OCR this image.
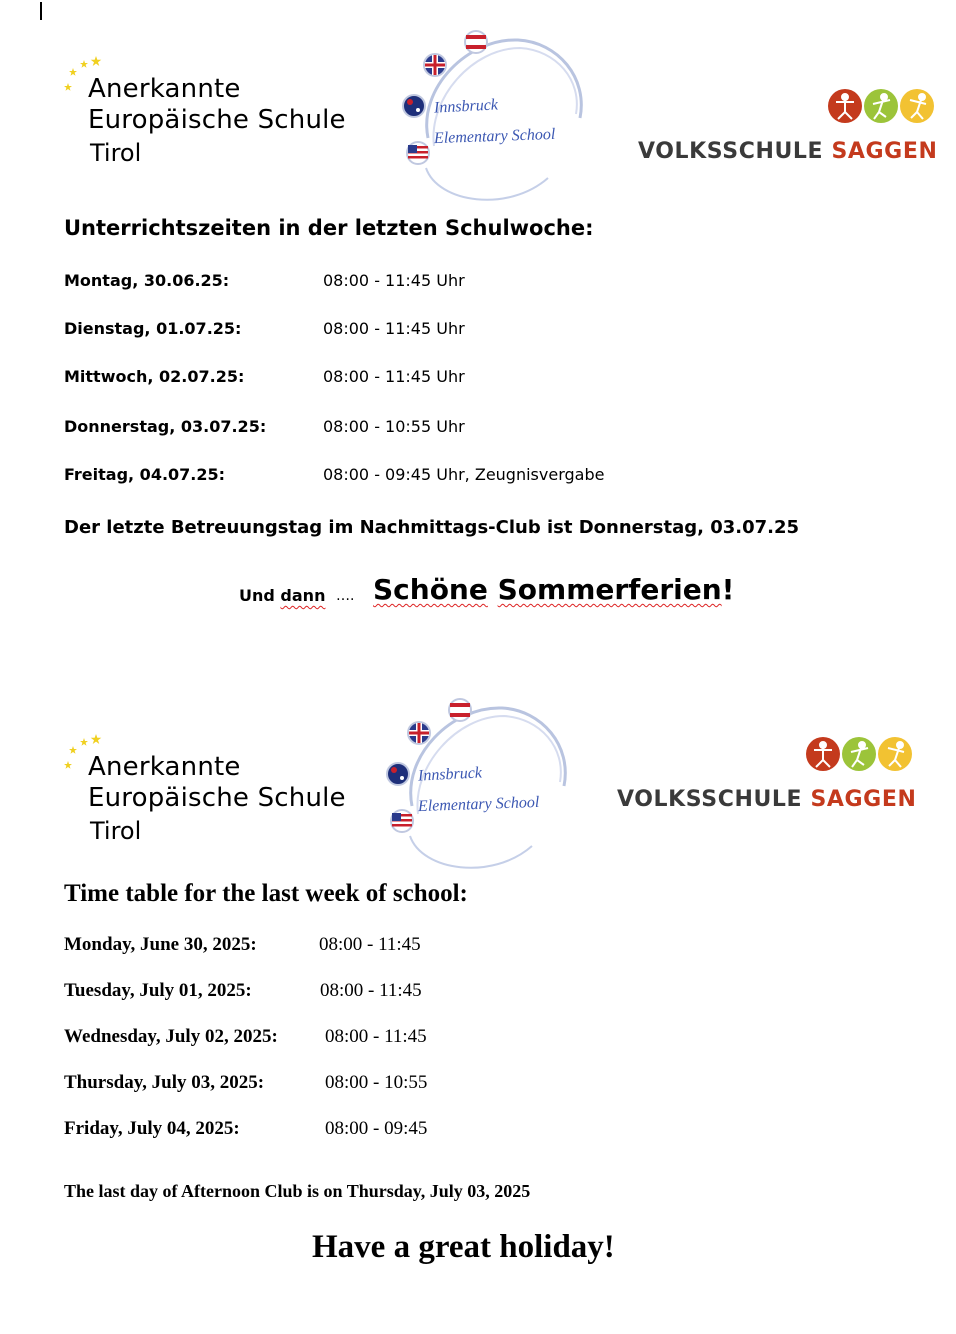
Anerkannte
Europäische Schule
Tirol
Innsbruck
Elementary School
VOLKSSCHULE SAGGEN
Unterrichtszeiten in der letzten Schulwoche:
Montag, 30.06.25:	08:00 - 11:45 Uhr
Dienstag, 01.07.25:	08:00 - 11:45 Uhr
Mittwoch, 02.07.25:	08:00 - 11:45 Uhr
Donnerstag, 03.07.25:	08:00 - 10:55 Uhr
Freitag, 04.07.25:	08:00 - 09:45 Uhr, Zeugnisvergabe
Der letzte Betreuungstag im Nachmittags-Club ist Donnerstag, 03.07.25
Und dann …. Schöne Sommerferien!
Anerkannte
Europäische Schule
Tirol
Innsbruck
Elementary School	VOLKSSCHULE SAGGEN
Time table for the last week of school:
Monday, June 30, 2025:	08:00 - 11:45
Tuesday, July 01, 2025:	08:00 - 11:45
Wednesday, July 02, 2025: 08:00 - 11:45
Thursday, July 03, 2025:	08:00 - 10:55
Friday, July 04, 2025:	08:00 - 09:45
The last day of Afternoon Club is on Thursday, July 03, 2025
Have a great holiday!
